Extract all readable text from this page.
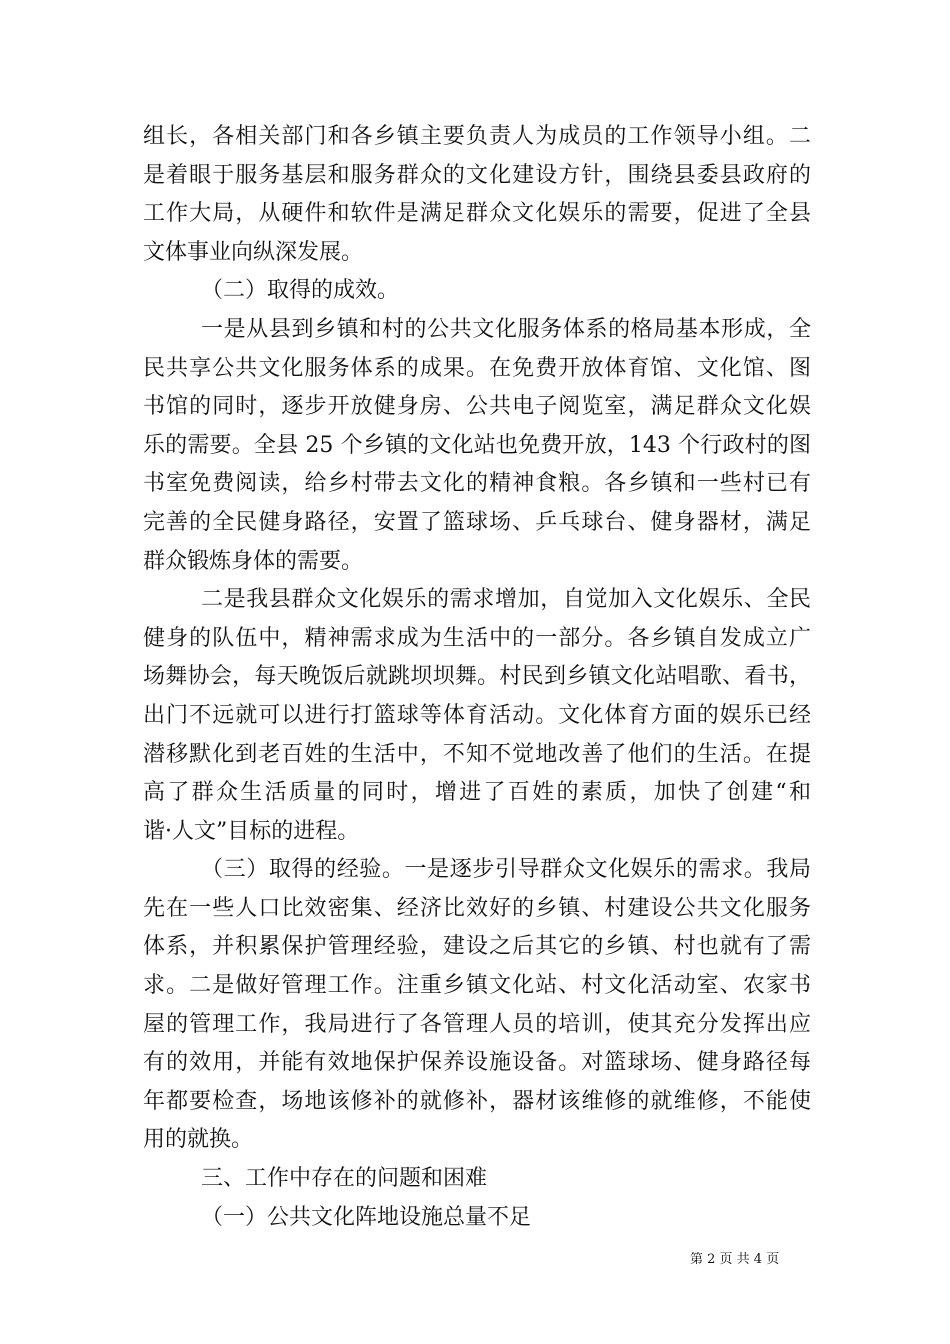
组长，各相关部门和各乡镇主要负责人为成员的工作领导小组。二
是着眼于服务基层和服务群众的文化建设方针，围绕县委县政府的
工作大局，从硬件和软件是满足群众文化娱乐的需要，促进了全县
文体事业向纵深发展。
（二）取得的成效。
一是从县到乡镇和村的公共文化服务体系的格局基本形成，全
民共享公共文化服务体系的成果。在免费开放体育馆、文化馆、图
书馆的同时，逐步开放健身房、公共电子阅览室，满足群众文化娱
乐的需要。全县 25 个乡镇的文化站也免费开放，143 个行政村的图
书室免费阅读，给乡村带去文化的精神食粮。各乡镇和一些村已有
完善的全民健身路径，安置了篮球场、乒乓球台、健身器材，满足
群众锻炼身体的需要。
二是我县群众文化娱乐的需求增加，自觉加入文化娱乐、全民
健身的队伍中，精神需求成为生活中的一部分。各乡镇自发成立广
场舞协会，每天晚饭后就跳坝坝舞。村民到乡镇文化站唱歌、看书，
出门不远就可以进行打篮球等体育活动。文化体育方面的娱乐已经
潜移默化到老百姓的生活中，不知不觉地改善了他们的生活。在提
高了群众生活质量的同时，增进了百姓的素质，加快了创建“和
谐·人文”目标的进程。
（三）取得的经验。一是逐步引导群众文化娱乐的需求。我局
先在一些人口比效密集、经济比效好的乡镇、村建设公共文化服务
体系，并积累保护管理经验，建设之后其它的乡镇、村也就有了需
求。二是做好管理工作。注重乡镇文化站、村文化活动室、农家书
屋的管理工作，我局进行了各管理人员的培训，使其充分发挥出应
有的效用，并能有效地保护保养设施设备。对篮球场、健身路径每
年都要检查，场地该修补的就修补，器材该维修的就维修，不能使
用的就换。
三、工作中存在的问题和困难
（一）公共文化阵地设施总量不足
第 2 页 共 4 页
